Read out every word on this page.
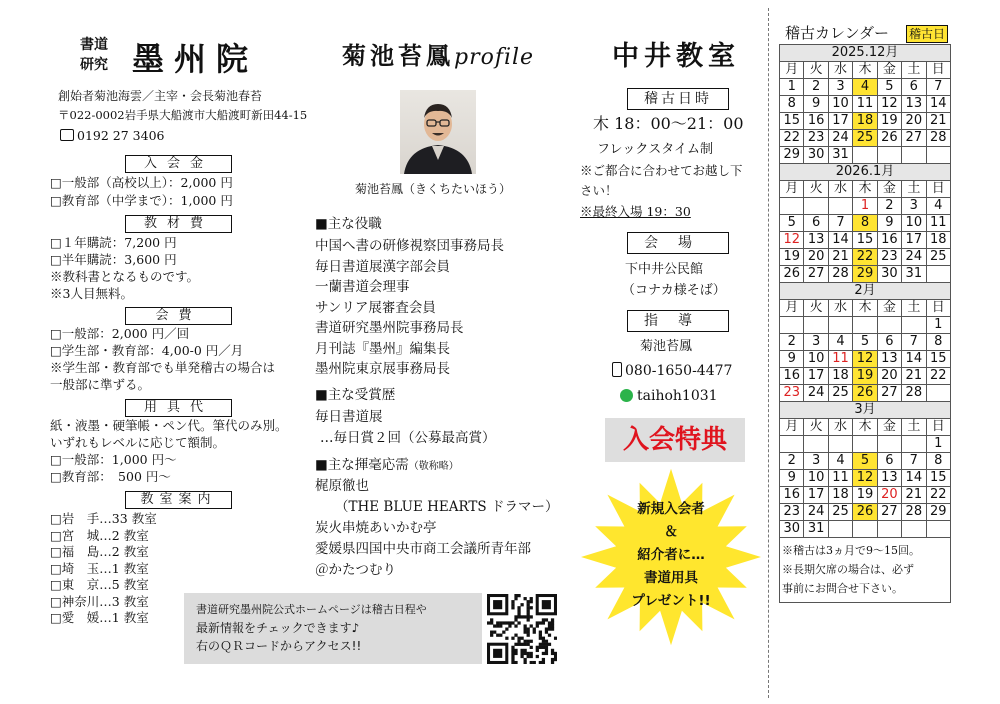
書道
研究 墨州院
創始者菊池海雲／主宰・会長菊池春苔
〒022-0002岩手県大船渡市大船渡町新田44-15
0192 27 3406
入会金
□一般部（高校以上）：2,000 円
□教育部（中学まで）：1,000 円
教材費
□１年購読：7,200 円
□半年購読：3,600 円
※教科書となるものです。
※3人目無料。
会費
□一般部：2,000 円／回
□学生部・教育部：4,00-0 円／月
※学生部・教育部でも単発稽古の場合は
一般部に準ずる。
用具代
紙・液墨・硬筆帳・ペン代。筆代のみ別。
いずれもレベルに応じて額制。
□一般部：1,000 円～
□教育部：　500 円～
教室案内
□岩　手…33 教室
□宮　城…2 教室
□福　島…2 教室
□埼　玉…1 教室
□東　京…5 教室
□神奈川…3 教室
□愛　媛…1 教室
菊池苔鳳profile
菊池苔鳳（きくちたいほう）
■主な役職
中国へ書の研修視察団事務局長
毎日書道展漢字部会員
一蘭書道会理事
サンリア展審査会員
書道研究墨州院事務局長
月刊誌『墨州』編集長
墨州院東京展事務局長
■主な受賞歴
毎日書道展
…毎日賞２回（公募最高賞）
■主な揮毫応需（敬称略）
梶原徹也
（THE BLUE HEARTS ドラマー）
炭火串焼あいかむ亭
愛媛県四国中央市商工会議所青年部
＠かたつむり
書道研究墨州院公式ホームページは稽古日程や
最新情報をチェックできます♪
右のＱＲコードからアクセス!!
中井教室
稽古日時
木 18：00～21：00
フレックスタイム制
※ご都合に合わせてお越し下
さい！
※最終入場 19：30
会場
下中井公民館
（コナカ様そば）
指導
菊池苔鳳
080-1650-4477
taihoh1031
入会特典
新規入会者
＆
紹介者に…
書道用具
プレゼント!!
稽古カレンダー 稽古日
2025.12月						
月	火	水	木	金	土	日
1	2	3	4	5	6	7
8	9	10	11	12	13	14
15	16	17	18	19	20	21
22	23	24	25	26	27	28
29	30	31				
2026.1月						
月	火	水	木	金	土	日
			1	2	3	4
5	6	7	8	9	10	11
12	13	14	15	16	17	18
19	20	21	22	23	24	25
26	27	28	29	30	31	
2月						
月	火	水	木	金	土	日
						1
2	3	4	5	6	7	8
9	10	11	12	13	14	15
16	17	18	19	20	21	22
23	24	25	26	27	28	
3月						
月	火	水	木	金	土	日
						1
2	3	4	5	6	7	8
9	10	11	12	13	14	15
16	17	18	19	20	21	22
23	24	25	26	27	28	29
30	31					
※稽古は3ヵ月で9～15回。
※長期欠席の場合は、必ず
事前にお問合せ下さい。
